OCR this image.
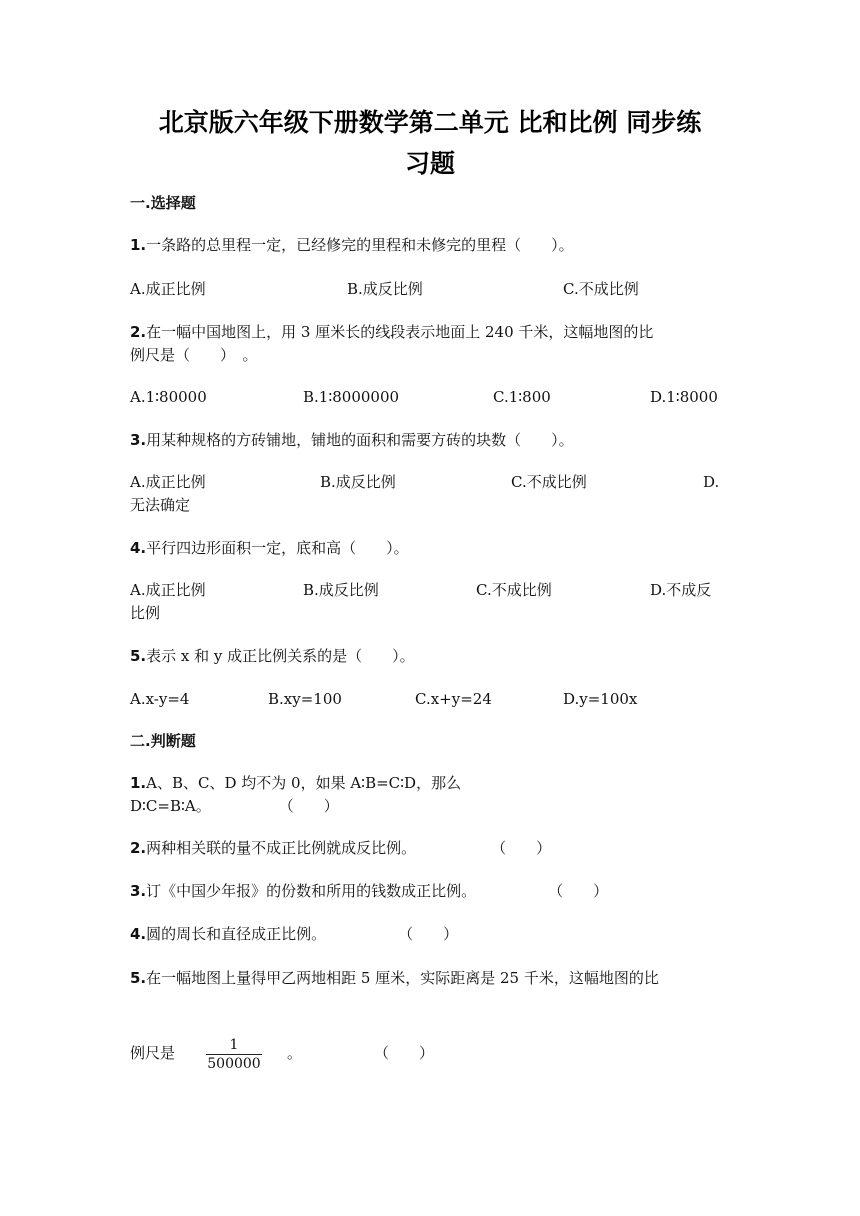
北京版六年级下册数学第二单元 比和比例 同步练
习题
一.选择题
1.一条路的总里程一定，已经修完的里程和未修完的里程（　　）。
A.成正比例	B.成反比例	C.不成比例
2.在一幅中国地图上，用 3 厘米长的线段表示地面上 240 千米，这幅地图的比
例尺是（　　）　。
A.1∶80000	B.1∶8000000	C.1∶800	D.1∶8000
3.用某种规格的方砖铺地，铺地的面积和需要方砖的块数（　　）。
A.成正比例	B.成反比例	C.不成比例	D.
无法确定
4.平行四边形面积一定，底和高（　　）。
A.成正比例	B.成反比例	C.不成比例	D.不成反
比例
5.表示 x 和 y 成正比例关系的是（　　）。
A.x-y=4	B.xy=100	C.x+y=24	D.y=100x
二.判断题
1.A、B、C、D 均不为 0，如果 A∶B=C∶D，那么
D∶C=B∶A。	（　　）
2.两种相关联的量不成正比例就成反比例。	（　　）
3.订《中国少年报》的份数和所用的钱数成正比例。	（　　）
4.圆的周长和直径成正比例。	（　　）
5.在一幅地图上量得甲乙两地相距 5 厘米，实际距离是 25 千米，这幅地图的比
例尺是	1
500000
。	（　　）
